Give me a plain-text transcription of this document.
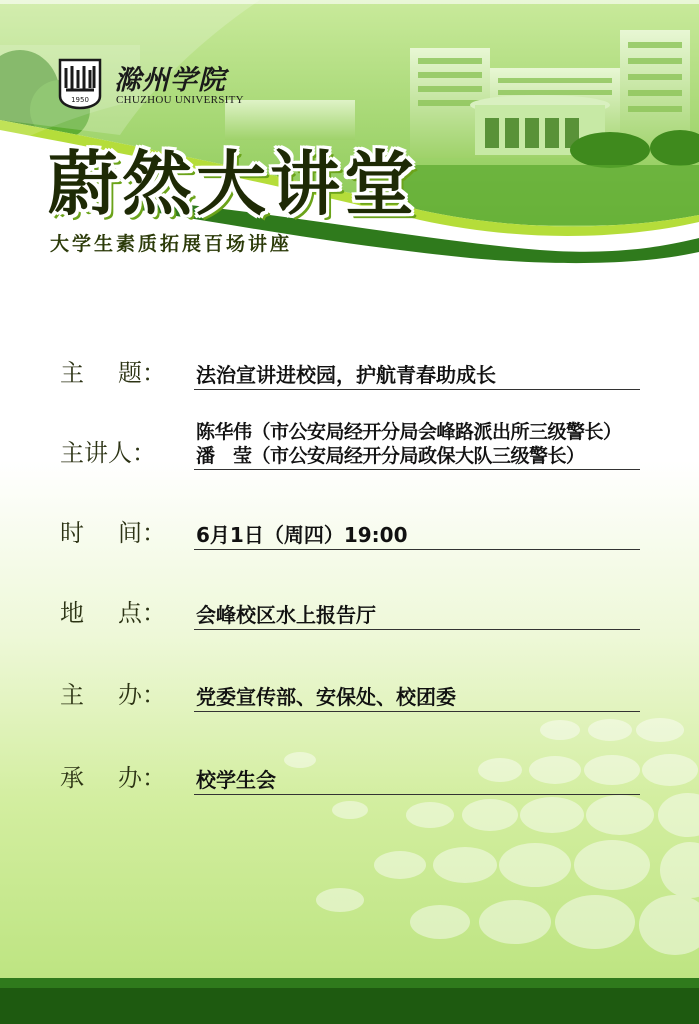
1950
滁州学院
CHUZHOU UNIVERSITY
蔚然大讲堂
大学生素质拓展百场讲座
主 题： 法治宣讲进校园，护航青春助成长
主讲人：
陈华伟（市公安局经开分局会峰路派出所三级警长）
潘　莹（市公安局经开分局政保大队三级警长）
时 间： 6月1日（周四）19:00
地 点： 会峰校区水上报告厅
主 办： 党委宣传部、安保处、校团委
承 办： 校学生会
